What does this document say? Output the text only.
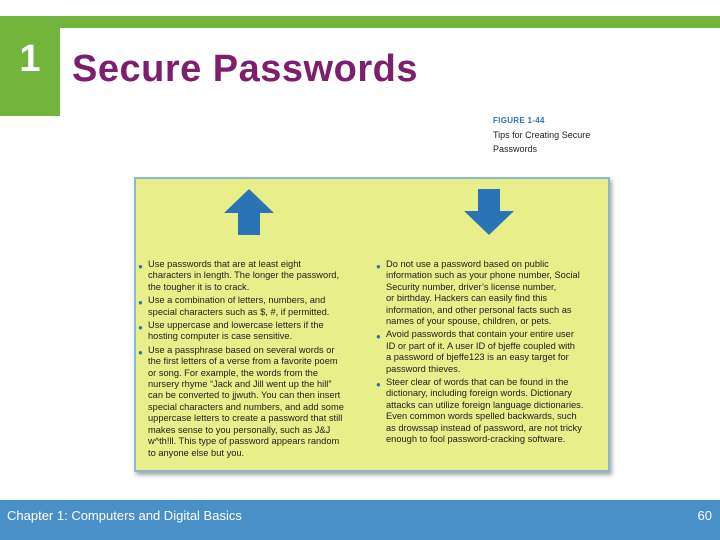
1 Secure Passwords
FIGURE 1-44
Tips for Creating Secure
Passwords
● Use passwords that are at least eight
characters in length. The longer the password,
the tougher it is to crack.
● Use a combination of letters, numbers, and
special characters such as $, #, if permitted.
● Use uppercase and lowercase letters if the
hosting computer is case sensitive.
● Use a passphrase based on several words or
the first letters of a verse from a favorite poem
or song. For example, the words from the
nursery rhyme “Jack and Jill went up the hill”
can be converted to jjwuth. You can then insert
special characters and numbers, and add some
uppercase letters to create a password that still
makes sense to you personally, such as J&J
w^th!ll. This type of password appears random
to anyone else but you.
● Do not use a password based on public
information such as your phone number, Social
Security number, driver’s license number,
or birthday. Hackers can easily find this
information, and other personal facts such as
names of your spouse, children, or pets.
● Avoid passwords that contain your entire user
ID or part of it. A user ID of bjeffe coupled with
a password of bjeffe123 is an easy target for
password thieves.
● Steer clear of words that can be found in the
dictionary, including foreign words. Dictionary
attacks can utilize foreign language dictionaries.
Even common words spelled backwards, such
as drowssap instead of password, are not tricky
enough to fool password-cracking software.
Chapter 1: Computers and Digital Basics	60
